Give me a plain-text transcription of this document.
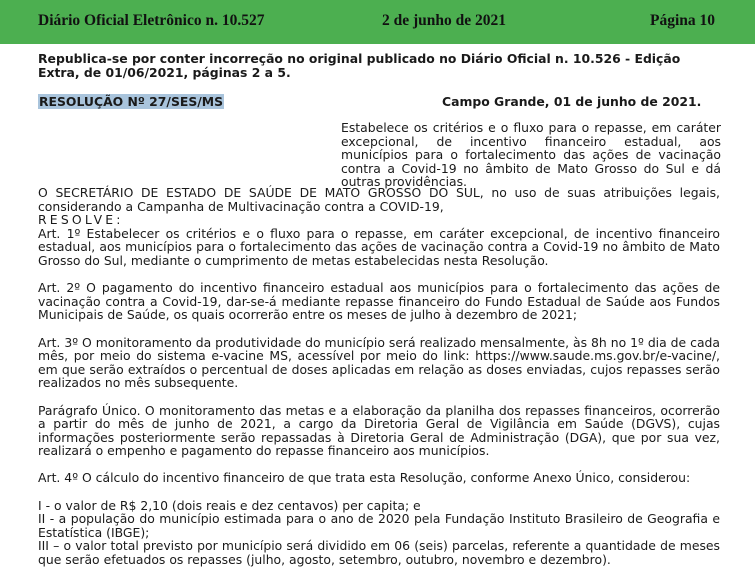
Diário Oficial Eletrônico n. 10.527	2 de junho de 2021	Página 10
Republica-se por conter incorreção no original publicado no Diário Oficial n. 10.526 - Edição Extra, de 01/06/2021, páginas 2 a 5.
RESOLUÇÃO Nº 27/SES/MS	Campo Grande, 01 de junho de 2021.

Estabelece os critérios e o fluxo para o repasse, em caráter excepcional, de incentivo financeiro estadual, aos municípios para o fortalecimento das ações de vacinação contra a Covid-19 no âmbito de Mato Grosso do Sul e dá outras providências.

O SECRETÁRIO DE ESTADO DE SAÚDE DE MATO GROSSO DO SUL, no uso de suas atribuições legais, considerando a Campanha de Multivacinação contra a COVID-19,

RESOLVE:

Art. 1º Estabelecer os critérios e o fluxo para o repasse, em caráter excepcional, de incentivo financeiro estadual, aos municípios para o fortalecimento das ações de vacinação contra a Covid-19 no âmbito de Mato Grosso do Sul, mediante o cumprimento de metas estabelecidas nesta Resolução.

Art. 2º O pagamento do incentivo financeiro estadual aos municípios para o fortalecimento das ações de vacinação contra a Covid-19, dar-se-á mediante repasse financeiro do Fundo Estadual de Saúde aos Fundos Municipais de Saúde, os quais ocorrerão entre os meses de julho à dezembro de 2021;

Art. 3º O monitoramento da produtividade do município será realizado mensalmente, às 8h no 1º dia de cada mês, por meio do sistema e-vacine MS, acessível por meio do link: https://www.saude.ms.gov.br/e-vacine/, em que serão extraídos o percentual de doses aplicadas em relação as doses enviadas, cujos repasses serão realizados no mês subsequente.

Parágrafo Único. O monitoramento das metas e a elaboração da planilha dos repasses financeiros, ocorrerão a partir do mês de junho de 2021, a cargo da Diretoria Geral de Vigilância em Saúde (DGVS), cujas informações posteriormente serão repassadas à Diretoria Geral de Administração (DGA), que por sua vez, realizará o empenho e pagamento do repasse financeiro aos municípios.

Art. 4º O cálculo do incentivo financeiro de que trata esta Resolução, conforme Anexo Único, considerou:

I - o valor de R$ 2,10 (dois reais e dez centavos) per capita; e

II - a população do município estimada para o ano de 2020 pela Fundação Instituto Brasileiro de Geografia e Estatística (IBGE);

III – o valor total previsto por município será dividido em 06 (seis) parcelas, referente a quantidade de meses que serão efetuados os repasses (julho, agosto, setembro, outubro, novembro e dezembro).
